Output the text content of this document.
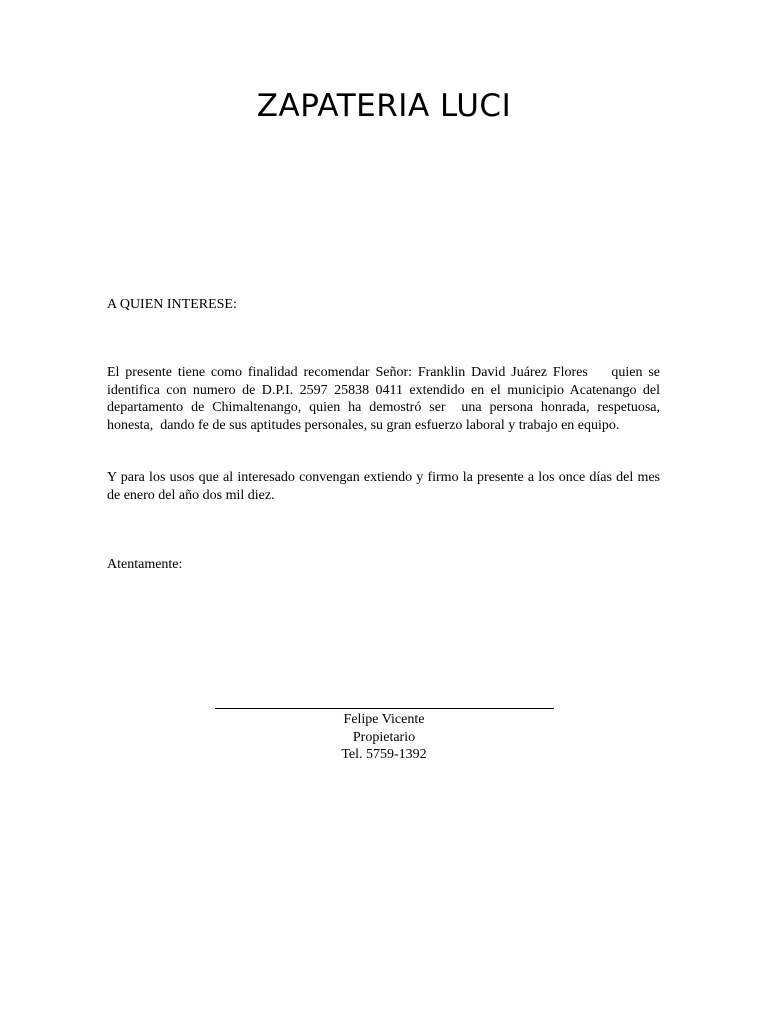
ZAPATERIA LUCI

A QUIEN INTERESE:

El presente tiene como finalidad recomendar Señor: Franklin David Juárez Flores    quien se identifica con numero de D.P.I. 2597 25838 0411 extendido en el municipio Acatenango del departamento de Chimaltenango, quien ha demostró ser  una persona honrada, respetuosa, honesta,  dando fe de sus aptitudes personales, su gran esfuerzo laboral y trabajo en equipo.

Y para los usos que al interesado convengan extiendo y firmo la presente a los once días del mes de enero del año dos mil diez.

Atentamente:

Felipe Vicente
Propietario
Tel. 5759-1392
